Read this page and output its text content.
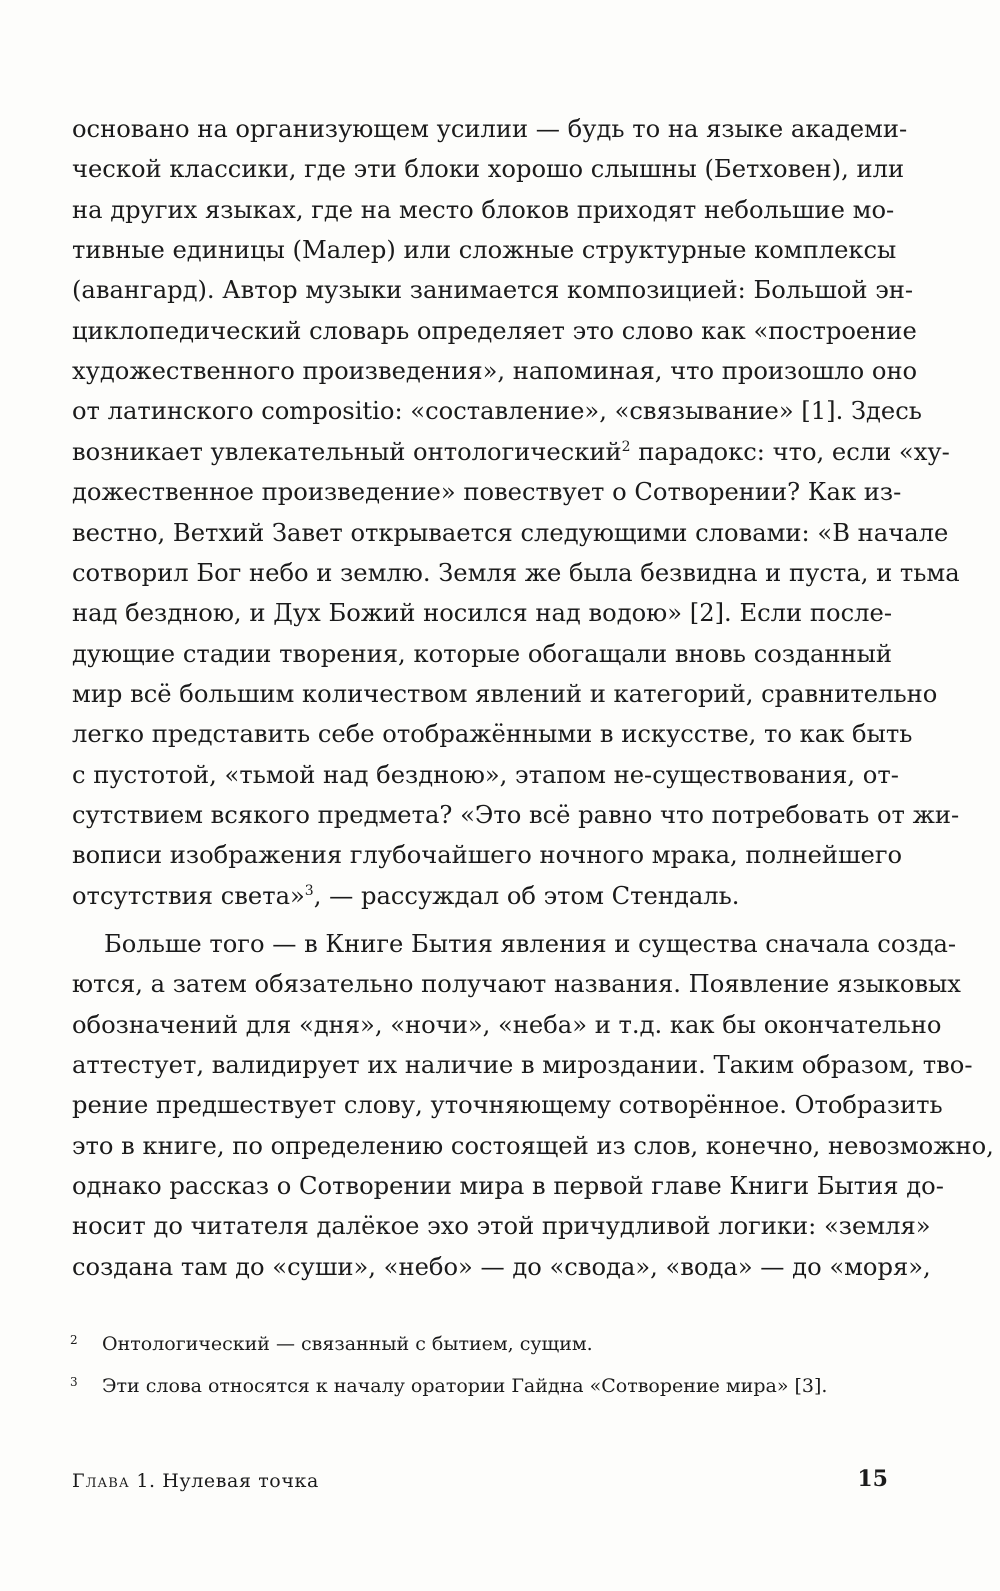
основано на организующем усилии — будь то на языке академи-
ческой классики, где эти блоки хорошо слышны (Бетховен), или
на других языках, где на место блоков приходят небольшие мо-
тивные единицы (Малер) или сложные структурные комплексы
(авангард). Автор музыки занимается композицией: Большой эн-
циклопедический словарь определяет это слово как «построение
художественного произведения», напоминая, что произошло оно
от латинского compositio: «составление», «связывание» [1]. Здесь
возникает увлекательный онтологический$^2$ парадокс: что, если «ху-
дожественное произведение» повествует о Сотворении? Как из-
вестно, Ветхий Завет открывается следующими словами: «В начале
сотворил Бог небо и землю. Земля же была безвидна и пуста, и тьма
над бездною, и Дух Божий носился над водою» [2]. Если после-
дующие стадии творения, которые обогащали вновь созданный
мир всё большим количеством явлений и категорий, сравнительно
легко представить себе отображёнными в искусстве, то как быть
с пустотой, «тьмой над бездною», этапом не-существования, от-
сутствием всякого предмета? «Это всё равно что потребовать от жи-
вописи изображения глубочайшего ночного мрака, полнейшего
отсутствия света»$^3$, — рассуждал об этом Стендаль.
Больше того — в Книге Бытия явления и существа сначала созда-
ются, а затем обязательно получают названия. Появление языковых
обозначений для «дня», «ночи», «неба» и т.д. как бы окончательно
аттестует, валидирует их наличие в мироздании. Таким образом, тво-
рение предшествует слову, уточняющему сотворённое. Отобразить
это в книге, по определению состоящей из слов, конечно, невозможно,
однако рассказ о Сотворении мира в первой главе Книги Бытия до-
носит до читателя далёкое эхо этой причудливой логики: «земля»
создана там до «суши», «небо» — до «свода», «вода» — до «моря»,
2 Онтологический — связанный с бытием, сущим.
3 Эти слова относятся к началу оратории Гайдна «Сотворение мира» [3].
Глава 1. Нулевая точка	15
